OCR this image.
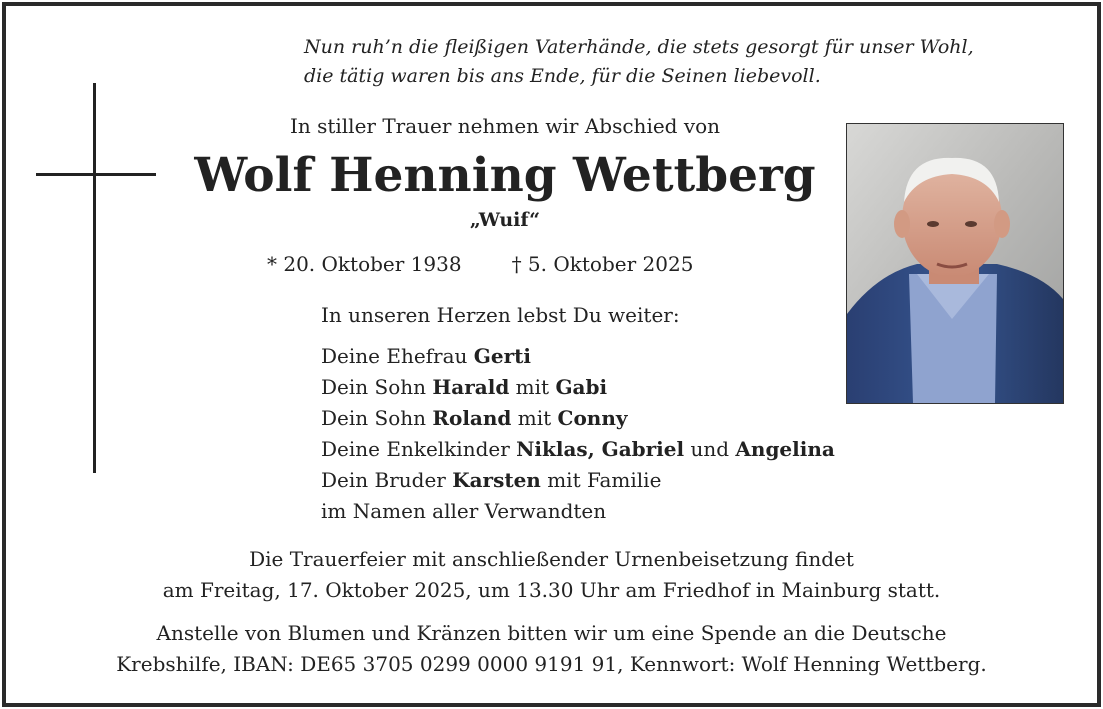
Nun ruh’n die fleißigen Vaterhände, die stets gesorgt für unser Wohl,
die tätig waren bis ans Ende, für die Seinen liebevoll.
In stiller Trauer nehmen wir Abschied von
Wolf Henning Wettberg
„Wuif“
* 20. Oktober 1938	† 5. Oktober 2025
In unseren Herzen lebst Du weiter:
Deine Ehefrau Gerti
Dein Sohn Harald mit Gabi
Dein Sohn Roland mit Conny
Deine Enkelkinder Niklas, Gabriel und Angelina
Dein Bruder Karsten mit Familie
im Namen aller Verwandten
Die Trauerfeier mit anschließender Urnenbeisetzung findet
am Freitag, 17. Oktober 2025, um 13.30 Uhr am Friedhof in Mainburg statt.
Anstelle von Blumen und Kränzen bitten wir um eine Spende an die Deutsche
Krebshilfe, IBAN: DE65 3705 0299 0000 9191 91, Kennwort: Wolf Henning Wettberg.
